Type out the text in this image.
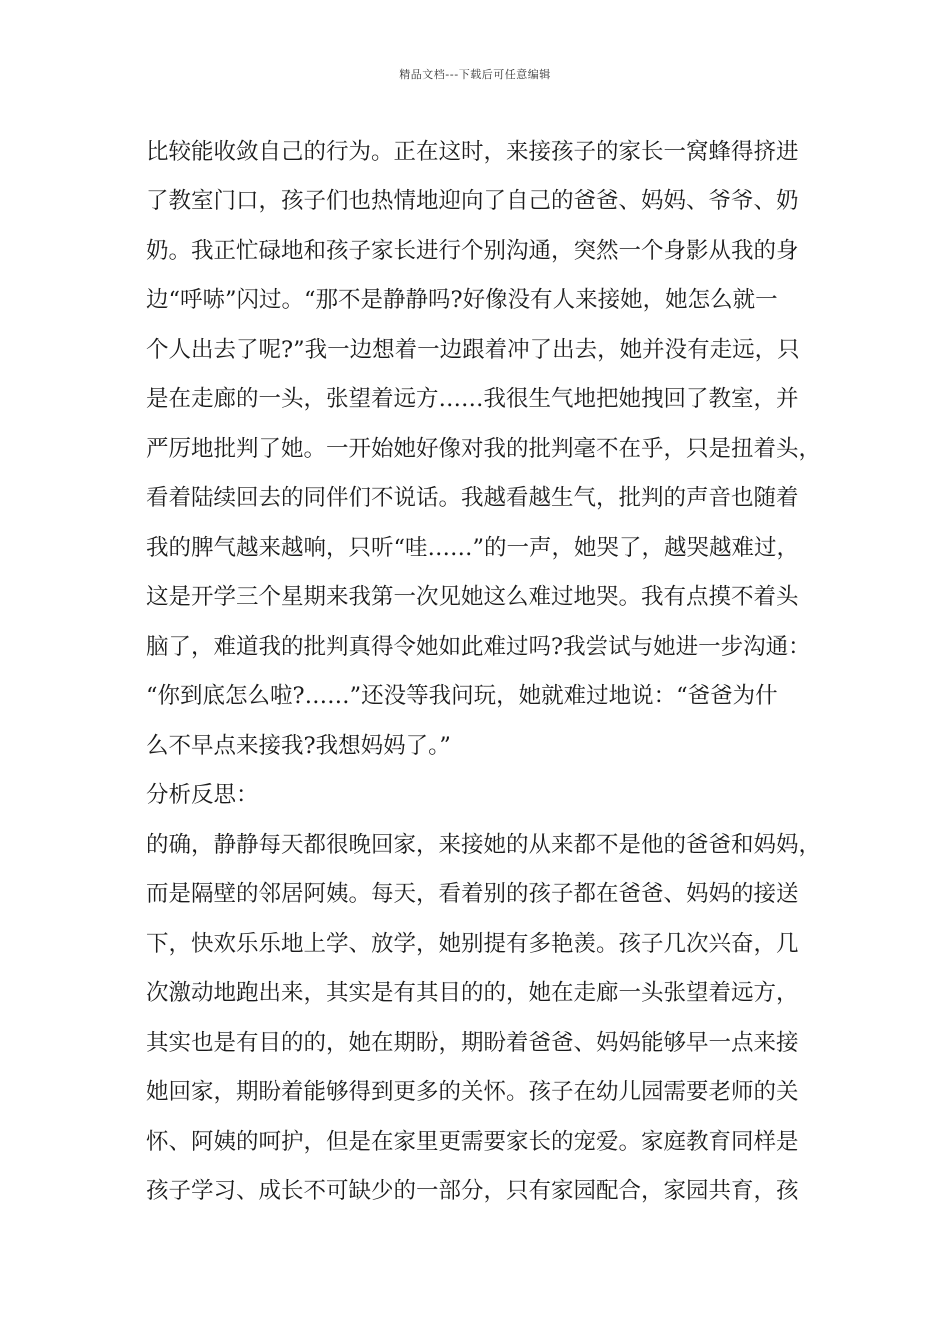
精品文档---下载后可任意编辑
比较能收敛自己的行为。正在这时，来接孩子的家长一窝蜂得挤进
了教室门口，孩子们也热情地迎向了自己的爸爸、妈妈、爷爷、奶
奶。我正忙碌地和孩子家长进行个别沟通，突然一个身影从我的身
边“呼哧”闪过。“那不是静静吗?好像没有人来接她，她怎么就一
个人出去了呢?”我一边想着一边跟着冲了出去，她并没有走远，只
是在走廊的一头，张望着远方……我很生气地把她拽回了教室，并
严厉地批判了她。一开始她好像对我的批判毫不在乎，只是扭着头，
看着陆续回去的同伴们不说话。我越看越生气，批判的声音也随着
我的脾气越来越响，只听“哇……”的一声，她哭了，越哭越难过，
这是开学三个星期来我第一次见她这么难过地哭。我有点摸不着头
脑了，难道我的批判真得令她如此难过吗?我尝试与她进一步沟通：
“你到底怎么啦?……”还没等我问玩，她就难过地说：“爸爸为什
么不早点来接我?我想妈妈了。”
分析反思：
的确，静静每天都很晚回家，来接她的从来都不是他的爸爸和妈妈，
而是隔壁的邻居阿姨。每天，看着别的孩子都在爸爸、妈妈的接送
下，快欢乐乐地上学、放学，她别提有多艳羡。孩子几次兴奋，几
次激动地跑出来，其实是有其目的的，她在走廊一头张望着远方，
其实也是有目的的，她在期盼，期盼着爸爸、妈妈能够早一点来接
她回家，期盼着能够得到更多的关怀。孩子在幼儿园需要老师的关
怀、阿姨的呵护，但是在家里更需要家长的宠爱。家庭教育同样是
孩子学习、成长不可缺少的一部分，只有家园配合，家园共育，孩
